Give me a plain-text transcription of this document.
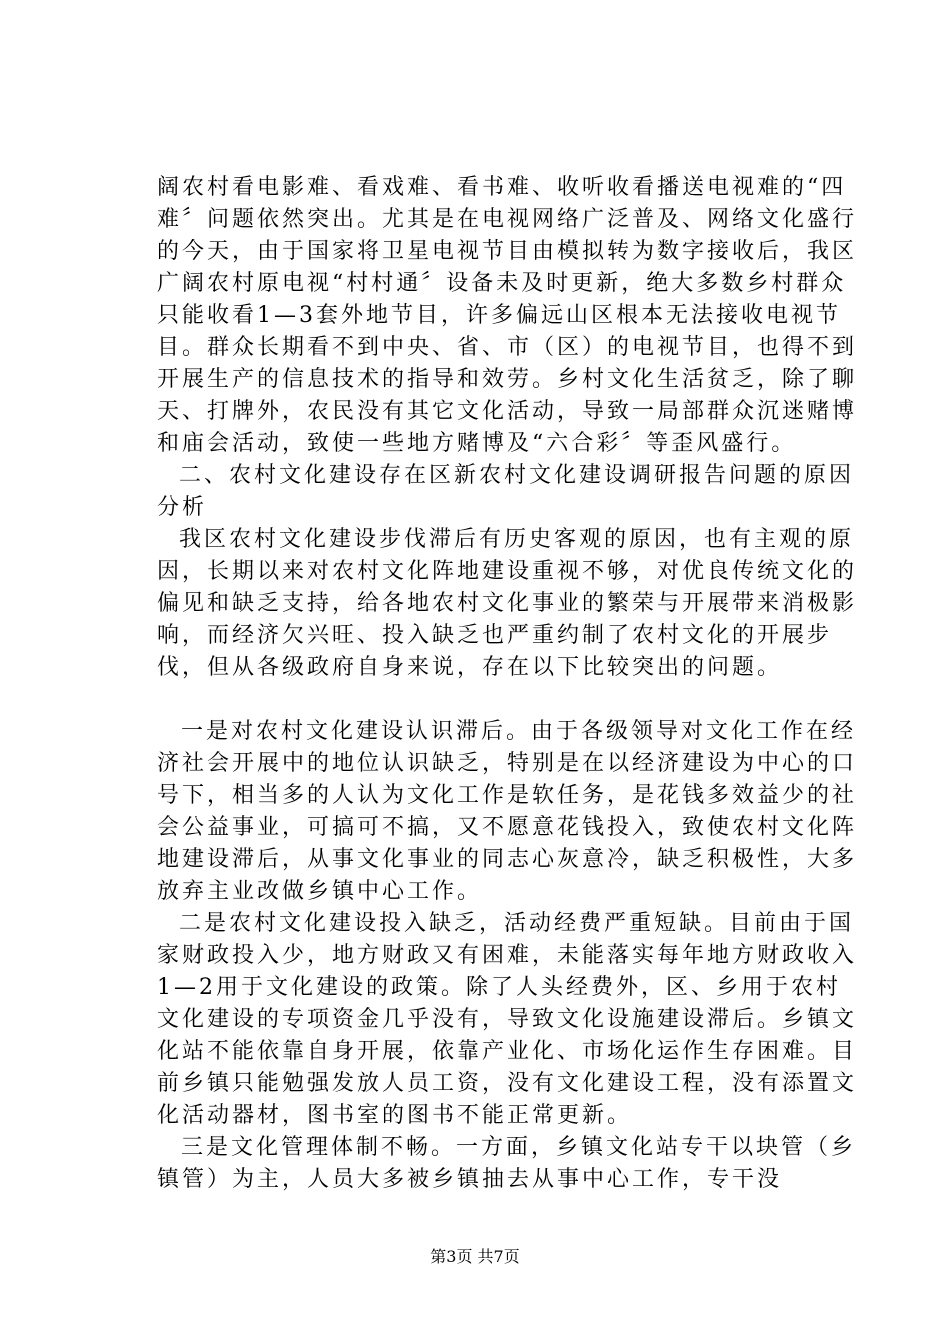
阔农村看电影难、看戏难、看书难、收听收看播送电视难的“四难〞问题依然突出。尤其是在电视网络广泛普及、网络文化盛行的今天，由于国家将卫星电视节目由模拟转为数字接收后，我区广阔农村原电视“村村通〞设备未及时更新，绝大多数乡村群众只能收看1—3套外地节目，许多偏远山区根本无法接收电视节目。群众长期看不到中央、省、市（区）的电视节目，也得不到开展生产的信息技术的指导和效劳。乡村文化生活贫乏，除了聊天、打牌外，农民没有其它文化活动，导致一局部群众沉迷赌博和庙会活动，致使一些地方赌博及“六合彩〞等歪风盛行。

二、农村文化建设存在区新农村文化建设调研报告问题的原因分析

我区农村文化建设步伐滞后有历史客观的原因，也有主观的原因，长期以来对农村文化阵地建设重视不够，对优良传统文化的偏见和缺乏支持，给各地农村文化事业的繁荣与开展带来消极影响，而经济欠兴旺、投入缺乏也严重约制了农村文化的开展步伐，但从各级政府自身来说，存在以下比较突出的问题。

一是对农村文化建设认识滞后。由于各级领导对文化工作在经济社会开展中的地位认识缺乏，特别是在以经济建设为中心的口号下，相当多的人认为文化工作是软任务，是花钱多效益少的社会公益事业，可搞可不搞，又不愿意花钱投入，致使农村文化阵地建设滞后，从事文化事业的同志心灰意冷，缺乏积极性，大多放弃主业改做乡镇中心工作。

二是农村文化建设投入缺乏，活动经费严重短缺。目前由于国家财政投入少，地方财政又有困难，未能落实每年地方财政收入1—2用于文化建设的政策。除了人头经费外，区、乡用于农村文化建设的专项资金几乎没有，导致文化设施建设滞后。乡镇文化站不能依靠自身开展，依靠产业化、市场化运作生存困难。目前乡镇只能勉强发放人员工资，没有文化建设工程，没有添置文化活动器材，图书室的图书不能正常更新。

三是文化管理体制不畅。一方面，乡镇文化站专干以块管（乡镇管）为主，人员大多被乡镇抽去从事中心工作，专干没

第3页 共7页
